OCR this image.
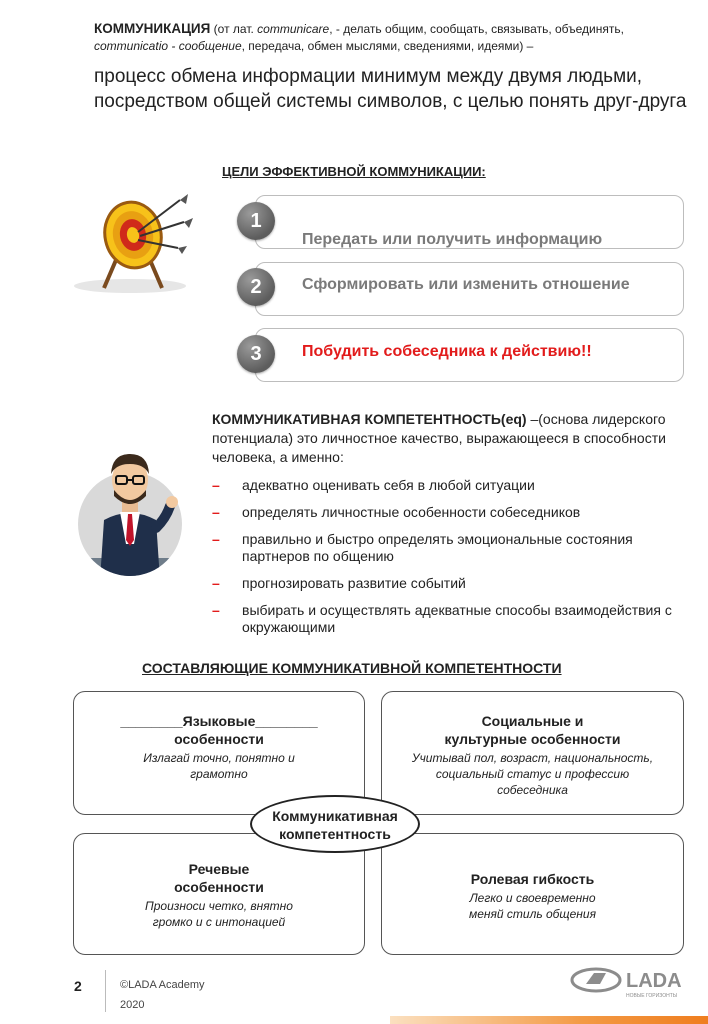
КОММУНИКАЦИЯ (от лат. communicare, - делать общим, сообщать, связывать, объединять, communicatio - сообщение, передача, обмен мыслями, сведениями, идеями) –
процесс обмена информации минимум между двумя людьми, посредством общей системы символов, с целью понять друг-друга
ЦЕЛИ ЭФФЕКТИВНОЙ КОММУНИКАЦИИ:
1
Передать или получить информацию
2	Сформировать или изменить отношение
3	Побудить собеседника к действию!!
КОММУНИКАТИВНАЯ КОМПЕТЕНТНОСТЬ(eq) –(основа лидерского потенциала) это личностное качество, выражающееся в способности человека, а именно:
– адекватно оценивать себя в любой ситуации
– определять личностные особенности собеседников
– правильно и быстро определять эмоциональные состояния партнеров по общению
– прогнозировать развитие событий
– выбирать и осуществлять адекватные способы взаимодействия с окружающими
СОСТАВЛЯЮЩИЕ КОММУНИКАТИВНОЙ КОМПЕТЕНТНОСТИ
________Языковые________
особенности
Излагай точно, понятно и грамотно
Социальные и культурные особенности
Учитывай пол, возраст, национальность, социальный статус и профессию собеседника
Речевые особенности
Произноси четко, внятно громко и с интонацией
Ролевая гибкость
Легко и своевременно меняй стиль общения
Коммуникативная компетентность
2	©LADA Academy
2020
LADA
НОВЫЕ ГОРИЗОНТЫ
